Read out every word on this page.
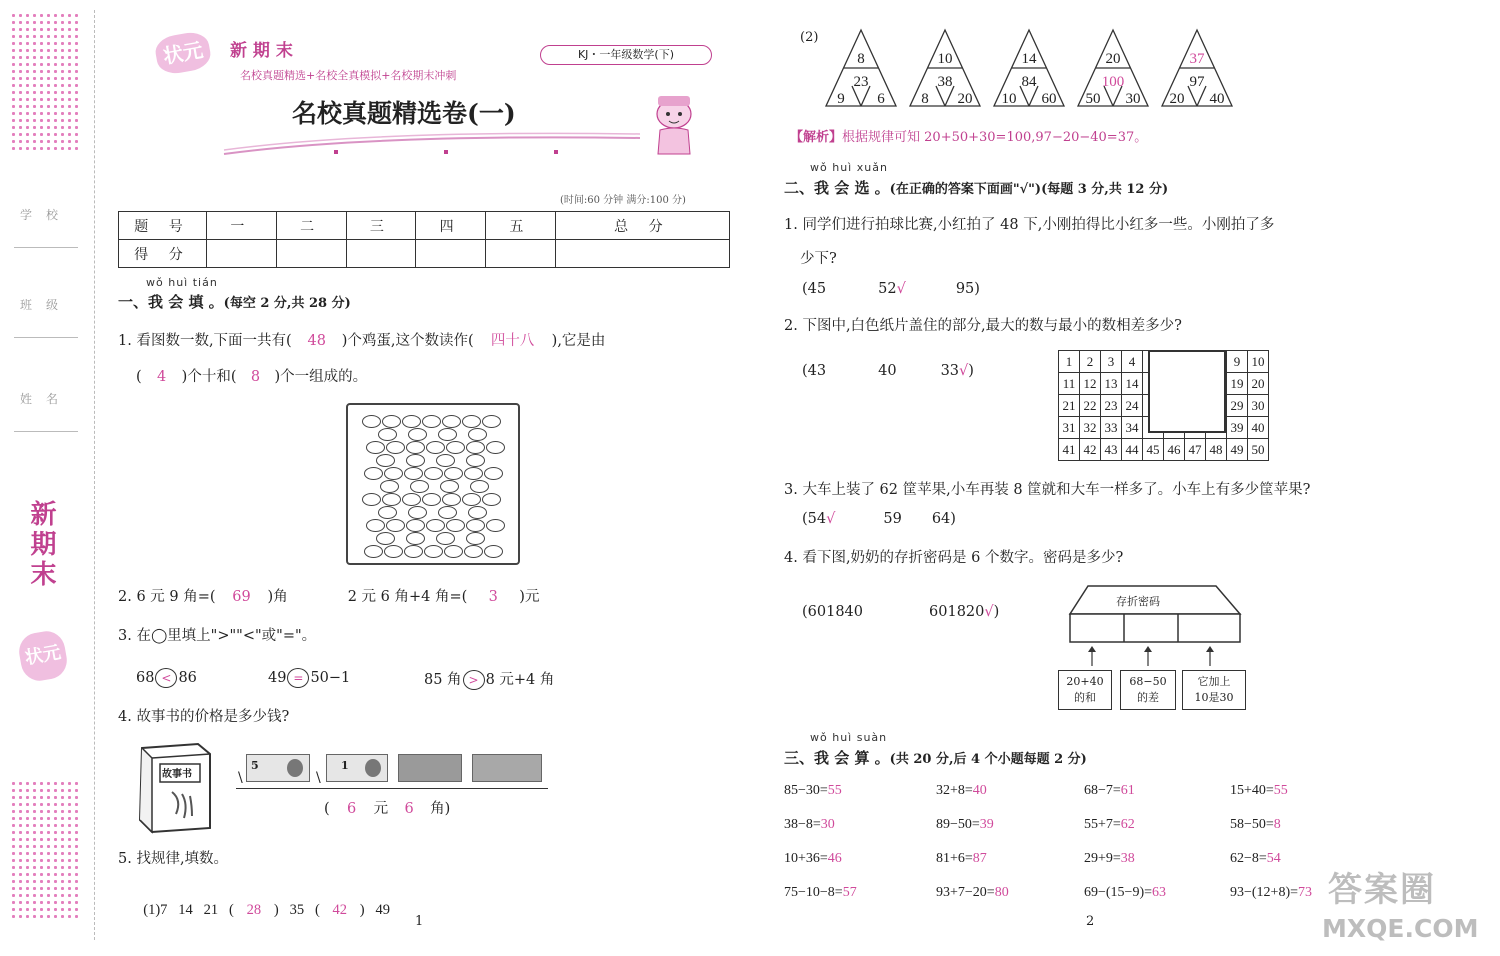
学校
班级
姓名
新期末
状元
状元	新 期 末
名校真题精选+名校全真模拟+名校期末冲刺
KJ・一年级数学(下)
名校真题精选卷(一)
(时间:60 分钟 满分:100 分)
题 号	一	二	三	四	五	总 分
得 分						
wǒ huì tián
一、我 会 填 。(每空 2 分,共 28 分)
1. 看图数一数,下面一共有( 48 )个鸡蛋,这个数读作( 四十八 ),它是由
( 4 )个十和( 8 )个一组成的。
2. 6 元 9 角=( 69 )角	2 元 6 角+4 角=( 3 )元
3. 在◯里填上">""<"或"="。
68 < 86	49 = 50−1	85 角 > 8 元+4 角
4. 故事书的价格是多少钱?
故事书
5
\
1
\
( 6 元 6 角)
5. 找规律,填数。

(1)7   14   21   ( 28 )   35   ( 42 )   49

1
(2)
8
23
9 6
10
38
8 20
14
84
10 60
20
100
50 30
37
97
20 40
【解析】根据规律可知 20+50+30=100,97−20−40=37。
wǒ huì xuǎn
二、我 会 选 。(在正确的答案下面画"√")(每题 3 分,共 12 分)
1. 同学们进行拍球比赛,小红拍了 48 下,小刚拍得比小红多一些。小刚拍了多
少下?
(45	52√	95)
2. 下图中,白色纸片盖住的部分,最大的数与最小的数相差多少?
(43	40	33√)
1	2	3	4					9	10
11	12	13	14					19	20
21	22	23	24					29	30
31	32	33	34					39	40
41	42	43	44	45	46	47	48	49	50
3. 大车上装了 62 筐苹果,小车再装 8 筐就和大车一样多了。小车上有多少筐苹果?
(54√	59 64)
4. 看下图,奶奶的存折密码是 6 个数字。密码是多少?
(601840	601820√)
存折密码
20+40
的和
68−50
的差
它加上
10是30
wǒ huì suàn
三、我 会 算 。(共 20 分,后 4 个小题每题 2 分)
85−30=55	32+8=40	68−7=61	15+40=55
38−8=30	89−50=39	55+7=62	58−50=8
10+36=46	81+6=87	29+9=38	62−8=54
75−10−8=57	93+7−20=80	69−(15−9)=63	93−(12+8)=73
2
答案圈
MXQE.COM
